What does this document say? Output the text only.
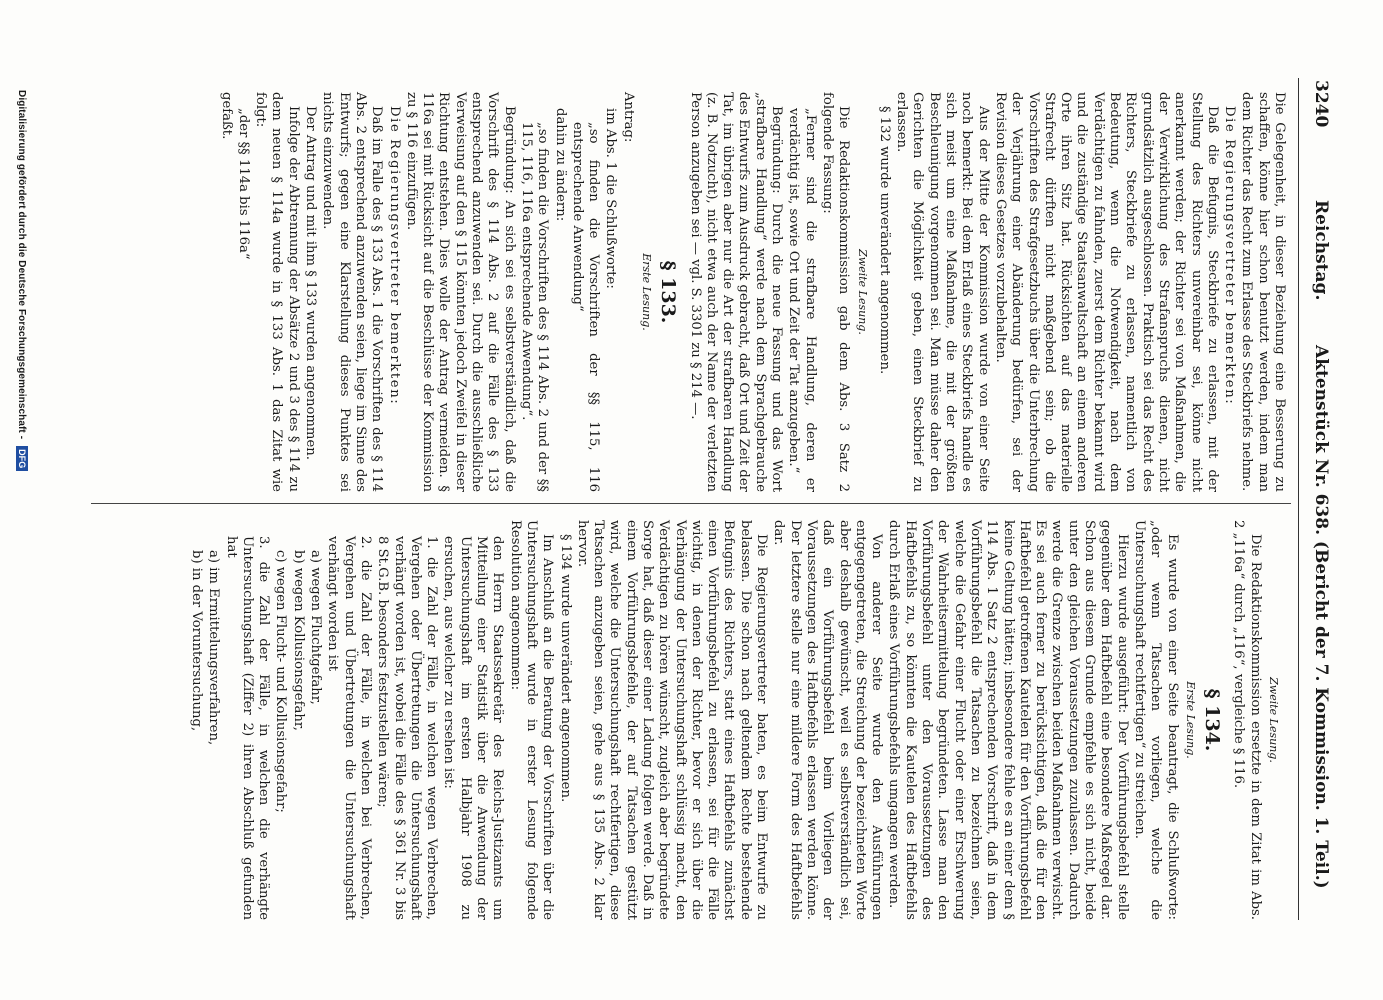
3240
Reichstag.
Aktenstück Nr. 638. (Bericht der 7. Kommission. 1. Teil.)

Die Gelegenheit, in dieser Beziehung eine Besserung zu schaffen, könne hier schon benutzt werden, indem man dem Richter das Recht zum Erlasse des Steckbriefs nehme.

Die Regierungsvertreter bemerkten:

Daß die Befugnis, Steckbriefe zu erlassen, mit der Stellung des Richters unvereinbar sei, könne nicht anerkannt werden; der Richter sei von Maßnahmen, die der Verwirklichung des Strafanspruchs dienen, nicht grundsätzlich ausgeschlossen. Praktisch sei das Recht des Richters, Steckbriefe zu erlassen, namentlich von Bedeutung, wenn die Notwendigkeit, nach dem Verdächtigen zu fahnden, zuerst dem Richter bekannt wird und die zuständige Staatsanwaltschaft an einem anderen Orte ihren Sitz hat. Rücksichten auf das materielle Strafrecht dürften nicht maßgebend sein; ob die Vorschriften des Strafgesetzbuchs über die Unterbrechung der Verjährung einer Abänderung bedürfen, sei der Revision dieses Gesetzes vorzubehalten.

Aus der Mitte der Kommission wurde von einer Seite noch bemerkt: Bei dem Erlaß eines Steckbriefs handle es sich meist um eine Maßnahme, die mit der größten Beschleunigung vorgenommen sei. Man müsse daher den Gerichten die Möglichkeit geben, einen Steckbrief zu erlassen.

§ 132 wurde unverändert angenommen.

Zweite Lesung.

Die Redaktionskommission gab dem Abs. 3 Satz 2 folgende Fassung:

„Ferner sind die strafbare Handlung, deren er verdächtig ist, sowie Ort und Zeit der Tat anzugeben.“

Begründung: Durch die neue Fassung und das Wort „strafbare Handlung“ werde nach dem Sprachgebrauche des Entwurfs zum Ausdruck gebracht, daß Ort und Zeit der Tat, im übrigen aber nur die Art der strafbaren Handlung (z. B. Notzucht), nicht etwa auch der Name der verletzten Person anzugeben sei — vgl. S. 3301 zu § 214 —.

§ 133.

Erste Lesung.

Antrag:

im Abs. 1 die Schlußworte:

„so finden die Vorschriften der §§ 115, 116 entsprechende Anwendung“

dahin zu ändern:

„so finden die Vorschriften des § 114 Abs. 2 und der §§ 115, 116, 116a entsprechende Anwendung“.

Begründung: An sich sei es selbstverständlich, daß die Vorschrift des § 114 Abs. 2 auf die Fälle des § 133 entsprechend anzuwenden sei. Durch die ausschließliche Verweisung auf den § 115 könnten jedoch Zweifel in dieser Richtung entstehen. Dies wolle der Antrag vermeiden. § 116a sei mit Rücksicht auf die Beschlüsse der Kommission zu § 116 einzufügen.

Die Regierungsvertreter bemerkten:

Daß im Falle des § 133 Abs. 1 die Vorschriften des § 114 Abs. 2 entsprechend anzuwenden seien, liege im Sinne des Entwurfs; gegen eine Klarstellung dieses Punktes sei nichts einzuwenden.

Der Antrag und mit ihm § 133 wurden angenommen.

Infolge der Abtrennung der Absätze 2 und 3 des § 114 zu dem neuen § 114a wurde in § 133 Abs. 1 das Zitat wie folgt:

„der §§ 114a bis 116a“

gefaßt.

Zweite Lesung.

Die Redaktionskommission ersetzte in dem Zitat im Abs. 2 „116a“ durch „116“, vergleiche § 116.

§ 134.

Erste Lesung.

Es wurde von einer Seite beantragt, die Schlußworte: „oder wenn Tatsachen vorliegen, welche die Untersuchungshaft rechtfertigen“ zu streichen.

Hierzu wurde ausgeführt: Der Vorführungsbefehl stelle gegenüber dem Haftbefehl eine besondere Maßregel dar. Schon aus diesem Grunde empfehle es sich nicht, beide unter den gleichen Voraussetzungen zuzulassen. Dadurch werde die Grenze zwischen beiden Maßnahmen verwischt. Es sei auch ferner zu berücksichtigen, daß die für den Haftbefehl getroffenen Kautelen für den Vorführungsbefehl keine Geltung hätten; insbesondere fehle es an einer dem § 114 Abs. 1 Satz 2 entsprechenden Vorschrift, daß in dem Vorführungsbefehl die Tatsachen zu bezeichnen seien, welche die Gefahr einer Flucht oder einer Erschwerung der Wahrheitsermittelung begründeten. Lasse man den Vorführungsbefehl unter den Voraussetzungen des Haftbefehls zu, so könnten die Kautelen des Haftbefehls durch Erlaß eines Vorführungsbefehls umgangen werden.

Von anderer Seite wurde den Ausführungen entgegengetreten, die Streichung der bezeichneten Worte aber deshalb gewünscht, weil es selbstverständlich sei, daß ein Vorführungsbefehl beim Vorliegen der Voraussetzungen des Haftbefehls erlassen werden könne. Der letztere stelle nur eine mildere Form des Haftbefehls dar.

Die Regierungsvertreter baten, es beim Entwurfe zu belassen. Die schon nach geltendem Rechte bestehende Befugnis des Richters, statt eines Haftbefehls zunächst einen Vorführungsbefehl zu erlassen, sei für die Fälle wichtig, in denen der Richter, bevor er sich über die Verhängung der Untersuchungshaft schlüssig macht, den Verdächtigen zu hören wünscht, zugleich aber begründete Sorge hat, daß dieser einer Ladung folgen werde. Daß in einem Vorführungsbefehle, der auf Tatsachen gestützt wird, welche die Untersuchungshaft rechtfertigen, diese Tatsachen anzugeben seien, gehe aus § 135 Abs. 2 klar hervor.

§ 134 wurde unverändert angenommen.

Im Anschluß an die Beratung der Vorschriften über die Untersuchungshaft wurde in erster Lesung folgende Resolution angenommen:

den Herrn Staatssekretär des Reichs-Justizamts um Mitteilung einer Statistik über die Anwendung der Untersuchungshaft im ersten Halbjahr 1908 zu ersuchen, aus welcher zu ersehen ist:

1. die Zahl der Fälle, in welchen wegen Verbrechen, Vergehen oder Übertretungen die Untersuchungshaft verhängt worden ist, wobei die Fälle des § 361 Nr. 3 bis 8 St.G.B. besonders festzustellen wären;

2. die Zahl der Fälle, in welchen bei Verbrechen, Vergehen und Übertretungen die Untersuchungshaft verhängt worden ist

a) wegen Fluchtgefahr,

b) wegen Kollusionsgefahr,

c) wegen Flucht- und Kollusionsgefahr;

3. die Zahl der Fälle, in welchen die verhängte Untersuchungshaft (Ziffer 2) ihren Abschluß gefunden hat

a) im Ermittelungsverfahren,

b) in der Voruntersuchung,

Digitalisierung gefördert durch die Deutsche Forschungsgemeinschaft - DFG
